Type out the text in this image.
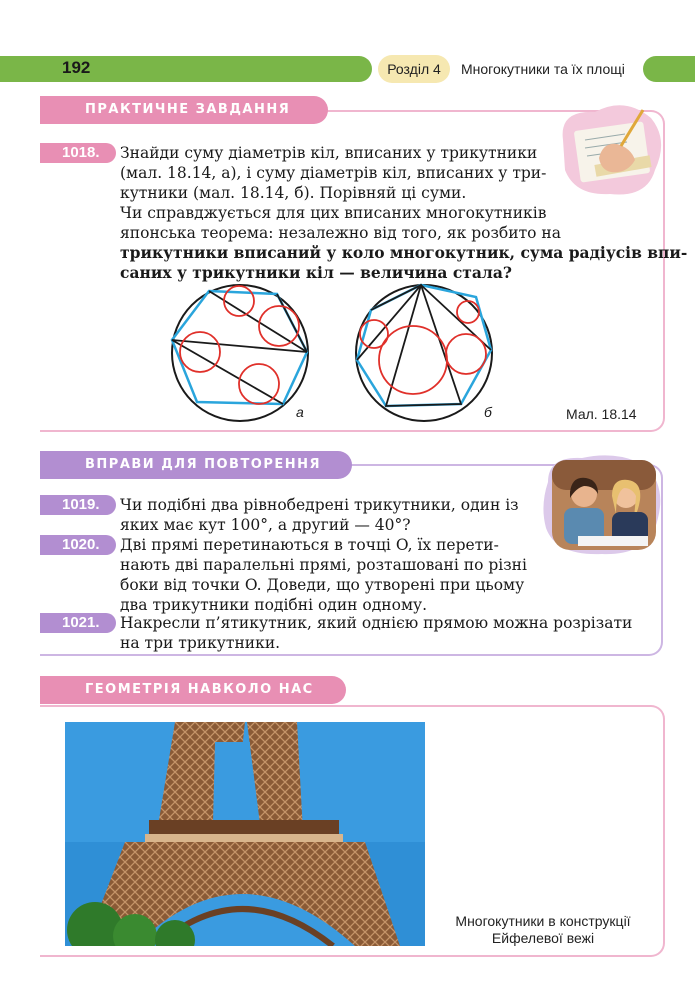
192	Розділ 4	Многокутники та їх площі
ПРАКТИЧНЕ ЗАВДАННЯ
1018.	Знайди суму діаметрів кіл, вписаних у трикутники
(мал. 18.14, а), і суму діаметрів кіл, вписаних у три-
кутники (мал. 18.14, б). Порівняй ці суми.
Чи справджується для цих вписаних многокутників
японська теорема: незалежно від того, як розбито на
трикутники вписаний у коло многокутник, сума радіусів впи-
саних у трикутники кіл — величина стала?
а	б	Мал. 18.14
ВПРАВИ ДЛЯ ПОВТОРЕННЯ
1019.	Чи подібні два рівнобедрені трикутники, один із
яких має кут 100°, а другий — 40°?
1020.	Дві прямі перетинаються в точці O, їх перети-
нають дві паралельні прямі, розташовані по різні
боки від точки O. Доведи, що утворені при цьому
два трикутники подібні один одному.
1021.	Накресли п’ятикутник, який однією прямою можна розрізати
на три трикутники.
ГЕОМЕТРІЯ НАВКОЛО НАС
Многокутники в конструкції
Ейфелевої вежі
